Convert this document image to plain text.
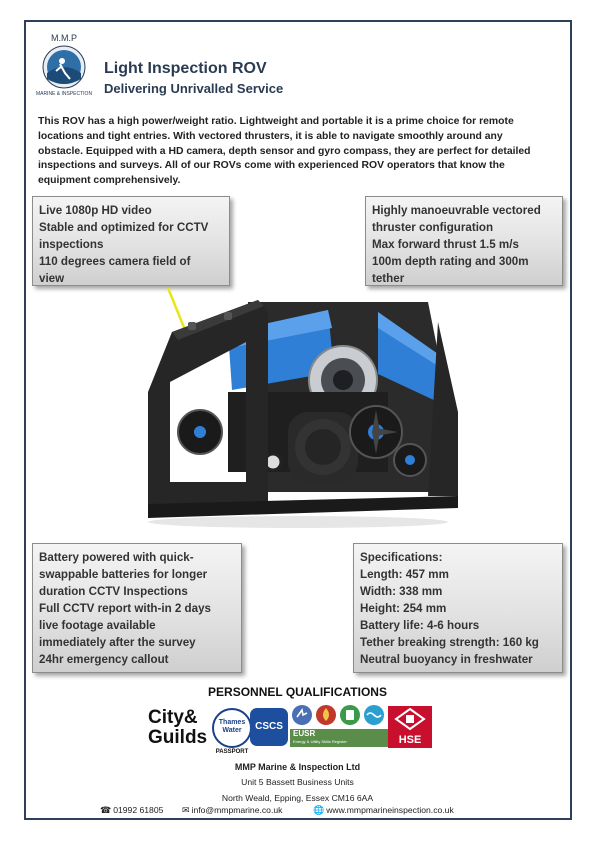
M.M.P
MARINE & INSPECTION
Light Inspection ROV
Delivering Unrivalled Service
This ROV has a high power/weight ratio. Lightweight and portable it is a prime choice for remote
locations and tight entries. With vectored thrusters, it is able to navigate smoothly around any
obstacle. Equipped with a HD camera, depth sensor and gyro compass, they are perfect for detailed
inspections and surveys. All of our ROVs come with experienced ROV operators that know the
equipment comprehensively.
Live 1080p HD video
Stable and optimized for CCTV
inspections
110 degrees camera field of
view
Highly manoeuvrable vectored
thruster configuration
Max forward thrust 1.5 m/s
100m depth rating and 300m
tether
Battery powered with quick-
swappable batteries for longer
duration CCTV Inspections
Full CCTV report with-in 2 days
live footage available
immediately after the survey
24hr emergency callout
Specifications:
Length: 457 mm
Width: 338 mm
Height: 254 mm
Battery life: 4-6 hours
Tether breaking strength: 160 kg
Neutral buoyancy in freshwater
PERSONNEL QUALIFICATIONS
City&
Guilds
Thames
Water
PASSPORT
CSCS
EUSR
Energy & Utility Skills Register	HSE
MMP Marine & Inspection Ltd
Unit 5 Bassett Business Units
North Weald, Epping, Essex CM16 6AA
☎ 01992 61805 ✉ info@mmpmarine.co.uk	🌐 www.mmpmarineinspection.co.uk
